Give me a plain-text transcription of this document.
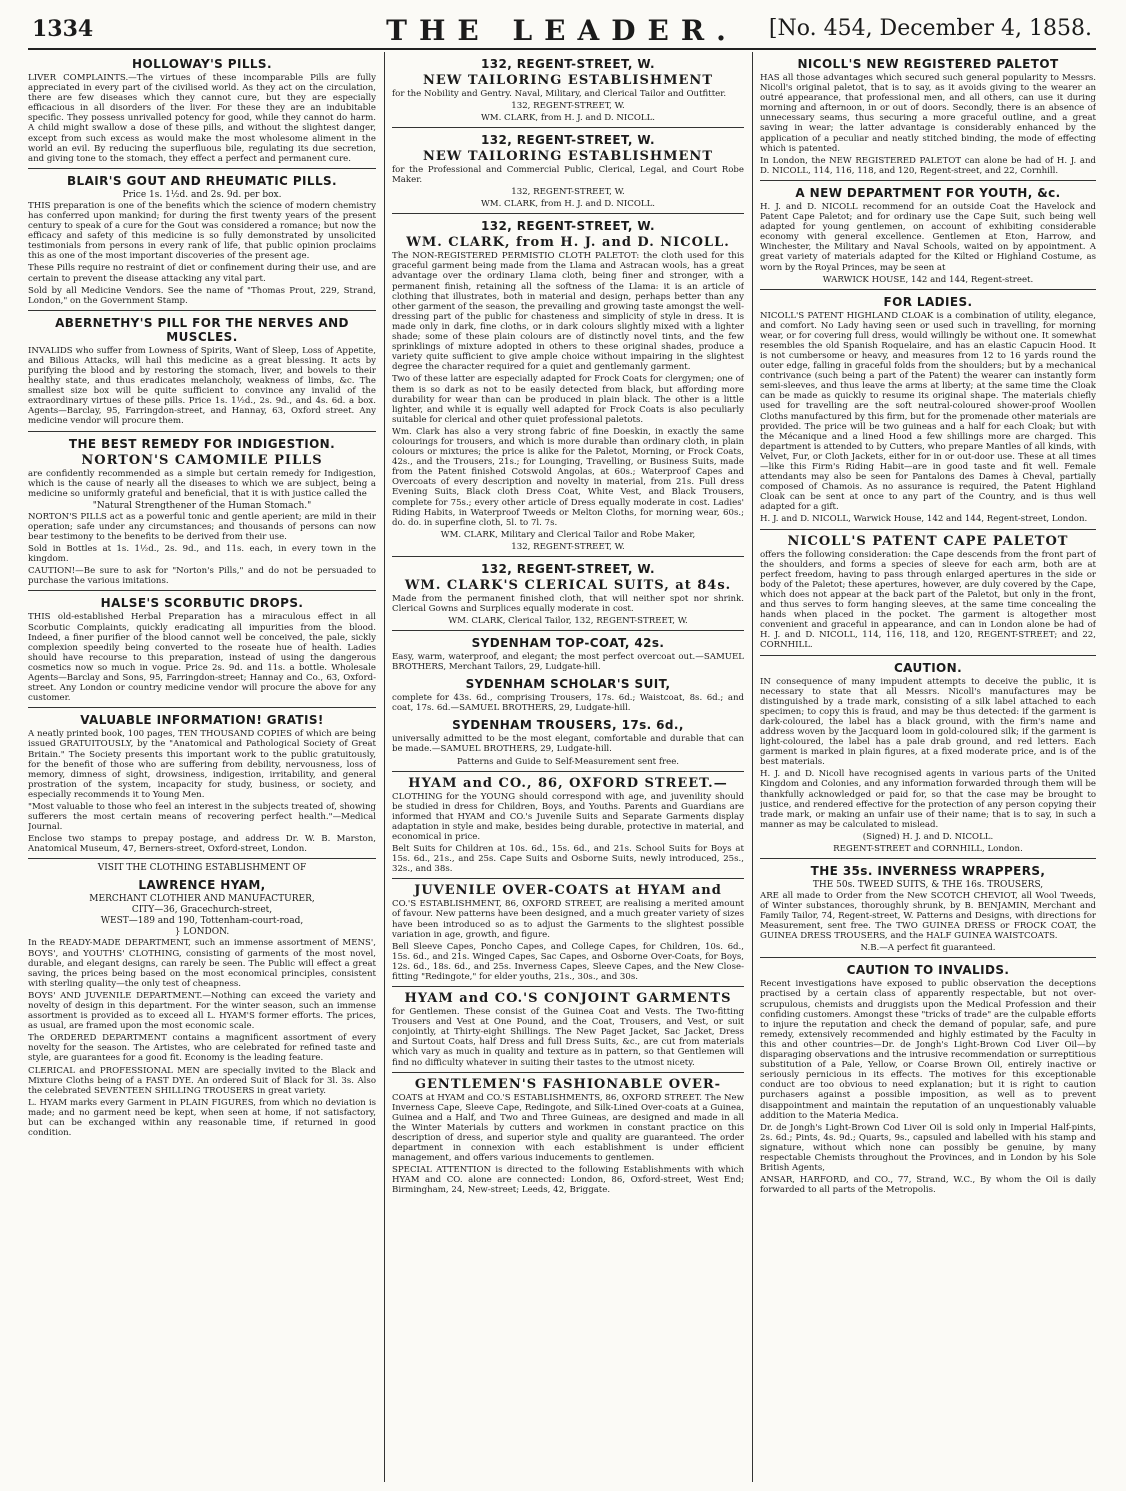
1334	THE LEADER.	[No. 454, December 4, 1858.
HOLLOWAY'S PILLS.

LIVER COMPLAINTS.—The virtues of these incomparable Pills are fully appreciated in every part of the civilised world. As they act on the circulation, there are few diseases which they cannot cure, but they are especially efficacious in all disorders of the liver. For these they are an indubitable specific. They possess unrivalled potency for good, while they cannot do harm. A child might swallow a dose of these pills, and without the slightest danger, except from such excess as would make the most wholesome aliment in the world an evil. By reducing the superfluous bile, regulating its due secretion, and giving tone to the stomach, they effect a perfect and permanent cure.

BLAIR'S GOUT AND RHEUMATIC PILLS.
Price 1s. 1½d. and 2s. 9d. per box.

THIS preparation is one of the benefits which the science of modern chemistry has conferred upon mankind; for during the first twenty years of the present century to speak of a cure for the Gout was considered a romance; but now the efficacy and safety of this medicine is so fully demonstrated by unsolicited testimonials from persons in every rank of life, that public opinion proclaims this as one of the most important discoveries of the present age.

These Pills require no restraint of diet or confinement during their use, and are certain to prevent the disease attacking any vital part.

Sold by all Medicine Vendors. See the name of "Thomas Prout, 229, Strand, London," on the Government Stamp.

ABERNETHY'S PILL FOR THE NERVES AND MUSCLES.

INVALIDS who suffer from Lowness of Spirits, Want of Sleep, Loss of Appetite, and Bilious Attacks, will hail this medicine as a great blessing. It acts by purifying the blood and by restoring the stomach, liver, and bowels to their healthy state, and thus eradicates melancholy, weakness of limbs, &c. The smallest size box will be quite sufficient to convince any invalid of the extraordinary virtues of these pills. Price 1s. 1½d., 2s. 9d., and 4s. 6d. a box. Agents—Barclay, 95, Farringdon-street, and Hannay, 63, Oxford street. Any medicine vendor will procure them.

THE BEST REMEDY FOR INDIGESTION.
NORTON'S CAMOMILE PILLS

are confidently recommended as a simple but certain remedy for Indigestion, which is the cause of nearly all the diseases to which we are subject, being a medicine so uniformly grateful and beneficial, that it is with justice called the

"Natural Strengthener of the Human Stomach."

NORTON'S PILLS act as a powerful tonic and gentle aperient; are mild in their operation; safe under any circumstances; and thousands of persons can now bear testimony to the benefits to be derived from their use.

Sold in Bottles at 1s. 1½d., 2s. 9d., and 11s. each, in every town in the kingdom.

CAUTION!—Be sure to ask for "Norton's Pills," and do not be persuaded to purchase the various imitations.

HALSE'S SCORBUTIC DROPS.

THIS old-established Herbal Preparation has a miraculous effect in all Scorbutic Complaints, quickly eradicating all impurities from the blood. Indeed, a finer purifier of the blood cannot well be conceived, the pale, sickly complexion speedily being converted to the roseate hue of health. Ladies should have recourse to this preparation, instead of using the dangerous cosmetics now so much in vogue. Price 2s. 9d. and 11s. a bottle. Wholesale Agents—Barclay and Sons, 95, Farringdon-street; Hannay and Co., 63, Oxford-street. Any London or country medicine vendor will procure the above for any customer.

VALUABLE INFORMATION! GRATIS!

A neatly printed book, 100 pages, TEN THOUSAND COPIES of which are being issued GRATUITOUSLY, by the "Anatomical and Pathological Society of Great Britain." The Society presents this important work to the public gratuitously, for the benefit of those who are suffering from debility, nervousness, loss of memory, dimness of sight, drowsiness, indigestion, irritability, and general prostration of the system, incapacity for study, business, or society, and especially recommends it to Young Men.

"Most valuable to those who feel an interest in the subjects treated of, showing sufferers the most certain means of recovering perfect health."—Medical Journal.

Enclose two stamps to prepay postage, and address Dr. W. B. Marston, Anatomical Museum, 47, Berners-street, Oxford-street, London.

VISIT THE CLOTHING ESTABLISHMENT OF
LAWRENCE HYAM,
MERCHANT CLOTHIER AND MANUFACTURER,
CITY—36, Gracechurch-street,
WEST—189 and 190, Tottenham-court-road,
} LONDON.

In the READY-MADE DEPARTMENT, such an immense assortment of MENS', BOYS', and YOUTHS' CLOTHING, consisting of garments of the most novel, durable, and elegant designs, can rarely be seen. The Public will effect a great saving, the prices being based on the most economical principles, consistent with sterling quality—the only test of cheapness.

BOYS' AND JUVENILE DEPARTMENT.—Nothing can exceed the variety and novelty of design in this department. For the winter season, such an immense assortment is provided as to exceed all L. HYAM'S former efforts. The prices, as usual, are framed upon the most economic scale.

The ORDERED DEPARTMENT contains a magnificent assortment of every novelty for the season. The Artistes, who are celebrated for refined taste and style, are guarantees for a good fit. Economy is the leading feature.

CLERICAL and PROFESSIONAL MEN are specially invited to the Black and Mixture Cloths being of a FAST DYE. An ordered Suit of Black for 3l. 3s. Also the celebrated SEVENTEEN SHILLING TROUSERS in great variety.

L. HYAM marks every Garment in PLAIN FIGURES, from which no deviation is made; and no garment need be kept, when seen at home, if not satisfactory, but can be exchanged within any reasonable time, if returned in good condition.

132, REGENT-STREET, W.
NEW TAILORING ESTABLISHMENT

for the Nobility and Gentry. Naval, Military, and Clerical Tailor and Outfitter.

132, REGENT-STREET, W.
WM. CLARK, from H. J. and D. NICOLL.
132, REGENT-STREET, W.
NEW TAILORING ESTABLISHMENT

for the Professional and Commercial Public, Clerical, Legal, and Court Robe Maker.

132, REGENT-STREET, W.
WM. CLARK, from H. J. and D. NICOLL.
132, REGENT-STREET, W.
WM. CLARK, from H. J. and D. NICOLL.

The NON-REGISTERED PERMISTIO CLOTH PALETOT: the cloth used for this graceful garment being made from the Llama and Astracan wools, has a great advantage over the ordinary Llama cloth, being finer and stronger, with a permanent finish, retaining all the softness of the Llama: it is an article of clothing that illustrates, both in material and design, perhaps better than any other garment of the season, the prevailing and growing taste amongst the well-dressing part of the public for chasteness and simplicity of style in dress. It is made only in dark, fine cloths, or in dark colours slightly mixed with a lighter shade; some of these plain colours are of distinctly novel tints, and the few sprinklings of mixture adopted in others to these original shades, produce a variety quite sufficient to give ample choice without impairing in the slightest degree the character required for a quiet and gentlemanly garment.

Two of these latter are especially adapted for Frock Coats for clergymen; one of them is so dark as not to be easily detected from black, but affording more durability for wear than can be produced in plain black. The other is a little lighter, and while it is equally well adapted for Frock Coats is also peculiarly suitable for clerical and other quiet professional paletots.

Wm. Clark has also a very strong fabric of fine Doeskin, in exactly the same colourings for trousers, and which is more durable than ordinary cloth, in plain colours or mixtures; the price is alike for the Paletot, Morning, or Frock Coats, 42s., and the Trousers, 21s.; for Lounging, Travelling, or Business Suits, made from the Patent finished Cotswold Angolas, at 60s.; Waterproof Capes and Overcoats of every description and novelty in material, from 21s. Full dress Evening Suits, Black cloth Dress Coat, White Vest, and Black Trousers, complete for 75s.; every other article of Dress equally moderate in cost. Ladies' Riding Habits, in Waterproof Tweeds or Melton Cloths, for morning wear, 60s.; do. do. in superfine cloth, 5l. to 7l. 7s.

WM. CLARK, Military and Clerical Tailor and Robe Maker,
132, REGENT-STREET, W.
132, REGENT-STREET, W.
WM. CLARK'S CLERICAL SUITS, at 84s.

Made from the permanent finished cloth, that will neither spot nor shrink. Clerical Gowns and Surplices equally moderate in cost.

WM. CLARK, Clerical Tailor, 132, REGENT-STREET, W.
SYDENHAM TOP-COAT, 42s.

Easy, warm, waterproof, and elegant; the most perfect overcoat out.—SAMUEL BROTHERS, Merchant Tailors, 29, Ludgate-hill.

SYDENHAM SCHOLAR'S SUIT,

complete for 43s. 6d., comprising Trousers, 17s. 6d.; Waistcoat, 8s. 6d.; and coat, 17s. 6d.—SAMUEL BROTHERS, 29, Ludgate-hill.

SYDENHAM TROUSERS, 17s. 6d.,

universally admitted to be the most elegant, comfortable and durable that can be made.—SAMUEL BROTHERS, 29, Ludgate-hill.

Patterns and Guide to Self-Measurement sent free.
HYAM and CO., 86, OXFORD STREET.—

CLOTHING for the YOUNG should correspond with age, and juvenility should be studied in dress for Children, Boys, and Youths. Parents and Guardians are informed that HYAM and CO.'s Juvenile Suits and Separate Garments display adaptation in style and make, besides being durable, protective in material, and economical in price.

Belt Suits for Children at 10s. 6d., 15s. 6d., and 21s. School Suits for Boys at 15s. 6d., 21s., and 25s. Cape Suits and Osborne Suits, newly introduced, 25s., 32s., and 38s.

JUVENILE OVER-COATS at HYAM and

CO.'S ESTABLISHMENT, 86, OXFORD STREET, are realising a merited amount of favour. New patterns have been designed, and a much greater variety of sizes have been introduced so as to adjust the Garments to the slightest possible variation in age, growth, and figure.

Bell Sleeve Capes, Poncho Capes, and College Capes, for Children, 10s. 6d., 15s. 6d., and 21s. Winged Capes, Sac Capes, and Osborne Over-Coats, for Boys, 12s. 6d., 18s. 6d., and 25s. Inverness Capes, Sleeve Capes, and the New Close-fitting "Redingote," for elder youths, 21s., 30s., and 30s.

HYAM and CO.'S CONJOINT GARMENTS

for Gentlemen. These consist of the Guinea Coat and Vests. The Two-fitting Trousers and Vest at One Pound, and the Coat, Trousers, and Vest, or suit conjointly, at Thirty-eight Shillings. The New Paget Jacket, Sac Jacket, Dress and Surtout Coats, half Dress and full Dress Suits, &c., are cut from materials which vary as much in quality and texture as in pattern, so that Gentlemen will find no difficulty whatever in suiting their tastes to the utmost nicety.

GENTLEMEN'S FASHIONABLE OVER-

COATS at HYAM and CO.'S ESTABLISHMENTS, 86, OXFORD STREET. The New Inverness Cape, Sleeve Cape, Redingote, and Silk-Lined Over-coats at a Guinea, Guinea and a Half, and Two and Three Guineas, are designed and made in all the Winter Materials by cutters and workmen in constant practice on this description of dress, and superior style and quality are guaranteed. The order department in connexion with each establishment is under efficient management, and offers various inducements to gentlemen.

SPECIAL ATTENTION is directed to the following Establishments with which HYAM and CO. alone are connected: London, 86, Oxford-street, West End; Birmingham, 24, New-street; Leeds, 42, Briggate.

NICOLL'S NEW REGISTERED PALETOT

HAS all those advantages which secured such general popularity to Messrs. Nicoll's original paletot, that is to say, as it avoids giving to the wearer an outré appearance, that professional men, and all others, can use it during morning and afternoon, in or out of doors. Secondly, there is an absence of unnecessary seams, thus securing a more graceful outline, and a great saving in wear; the latter advantage is considerably enhanced by the application of a peculiar and neatly stitched binding, the mode of effecting which is patented.

In London, the NEW REGISTERED PALETOT can alone be had of H. J. and D. NICOLL, 114, 116, 118, and 120, Regent-street, and 22, Cornhill.

A NEW DEPARTMENT FOR YOUTH, &c.

H. J. and D. NICOLL recommend for an outside Coat the Havelock and Patent Cape Paletot; and for ordinary use the Cape Suit, such being well adapted for young gentlemen, on account of exhibiting considerable economy with general excellence. Gentlemen at Eton, Harrow, and Winchester, the Military and Naval Schools, waited on by appointment. A great variety of materials adapted for the Kilted or Highland Costume, as worn by the Royal Princes, may be seen at

WARWICK HOUSE, 142 and 144, Regent-street.
FOR LADIES.

NICOLL'S PATENT HIGHLAND CLOAK is a combination of utility, elegance, and comfort. No Lady having seen or used such in travelling, for morning wear, or for covering full dress, would willingly be without one. It somewhat resembles the old Spanish Roquelaire, and has an elastic Capucin Hood. It is not cumbersome or heavy, and measures from 12 to 16 yards round the outer edge, falling in graceful folds from the shoulders; but by a mechanical contrivance (such being a part of the Patent) the wearer can instantly form semi-sleeves, and thus leave the arms at liberty; at the same time the Cloak can be made as quickly to resume its original shape. The materials chiefly used for travelling are the soft neutral-coloured shower-proof Woollen Cloths manufactured by this firm, but for the promenade other materials are provided. The price will be two guineas and a half for each Cloak; but with the Mécanique and a lined Hood a few shillings more are charged. This department is attended to by Cutters, who prepare Mantles of all kinds, with Velvet, Fur, or Cloth Jackets, either for in or out-door use. These at all times—like this Firm's Riding Habit—are in good taste and fit well. Female attendants may also be seen for Pantalons des Dames à Cheval, partially composed of Chamois. As no assurance is required, the Patent Highland Cloak can be sent at once to any part of the Country, and is thus well adapted for a gift.

H. J. and D. NICOLL, Warwick House, 142 and 144, Regent-street, London.

NICOLL'S PATENT CAPE PALETOT

offers the following consideration: the Cape descends from the front part of the shoulders, and forms a species of sleeve for each arm, both are at perfect freedom, having to pass through enlarged apertures in the side or body of the Paletot; these apertures, however, are duly covered by the Cape, which does not appear at the back part of the Paletot, but only in the front, and thus serves to form hanging sleeves, at the same time concealing the hands when placed in the pocket. The garment is altogether most convenient and graceful in appearance, and can in London alone be had of H. J. and D. NICOLL, 114, 116, 118, and 120, REGENT-STREET; and 22, CORNHILL.

CAUTION.

IN consequence of many impudent attempts to deceive the public, it is necessary to state that all Messrs. Nicoll's manufactures may be distinguished by a trade mark, consisting of a silk label attached to each specimen; to copy this is fraud, and may be thus detected: if the garment is dark-coloured, the label has a black ground, with the firm's name and address woven by the Jacquard loom in gold-coloured silk; if the garment is light-coloured, the label has a pale drab ground, and red letters. Each garment is marked in plain figures, at a fixed moderate price, and is of the best materials.

H. J. and D. Nicoll have recognised agents in various parts of the United Kingdom and Colonies, and any information forwarded through them will be thankfully acknowledged or paid for, so that the case may be brought to justice, and rendered effective for the protection of any person copying their trade mark, or making an unfair use of their name; that is to say, in such a manner as may be calculated to mislead.

(Signed) H. J. and D. NICOLL.
REGENT-STREET and CORNHILL, London.
THE 35s. INVERNESS WRAPPERS,
THE 50s. TWEED SUITS, & THE 16s. TROUSERS,

ARE all made to Order from the New SCOTCH CHEVIOT, all Wool Tweeds, of Winter substances, thoroughly shrunk, by B. BENJAMIN, Merchant and Family Tailor, 74, Regent-street, W. Patterns and Designs, with directions for Measurement, sent free. The TWO GUINEA DRESS or FROCK COAT, the GUINEA DRESS TROUSERS, and the HALF GUINEA WAISTCOATS.

N.B.—A perfect fit guaranteed.
CAUTION TO INVALIDS.

Recent investigations have exposed to public observation the deceptions practised by a certain class of apparently respectable, but not over-scrupulous, chemists and druggists upon the Medical Profession and their confiding customers. Amongst these "tricks of trade" are the culpable efforts to injure the reputation and check the demand of popular, safe, and pure remedy, extensively recommended and highly estimated by the Faculty in this and other countries—Dr. de Jongh's Light-Brown Cod Liver Oil—by disparaging observations and the intrusive recommendation or surreptitious substitution of a Pale, Yellow, or Coarse Brown Oil, entirely inactive or seriously pernicious in its effects. The motives for this exceptionable conduct are too obvious to need explanation; but it is right to caution purchasers against a possible imposition, as well as to prevent disappointment and maintain the reputation of an unquestionably valuable addition to the Materia Medica.

Dr. de Jongh's Light-Brown Cod Liver Oil is sold only in Imperial Half-pints, 2s. 6d.; Pints, 4s. 9d.; Quarts, 9s., capsuled and labelled with his stamp and signature, without which none can possibly be genuine, by many respectable Chemists throughout the Provinces, and in London by his Sole British Agents,

ANSAR, HARFORD, and CO., 77, Strand, W.C., By whom the Oil is daily forwarded to all parts of the Metropolis.
